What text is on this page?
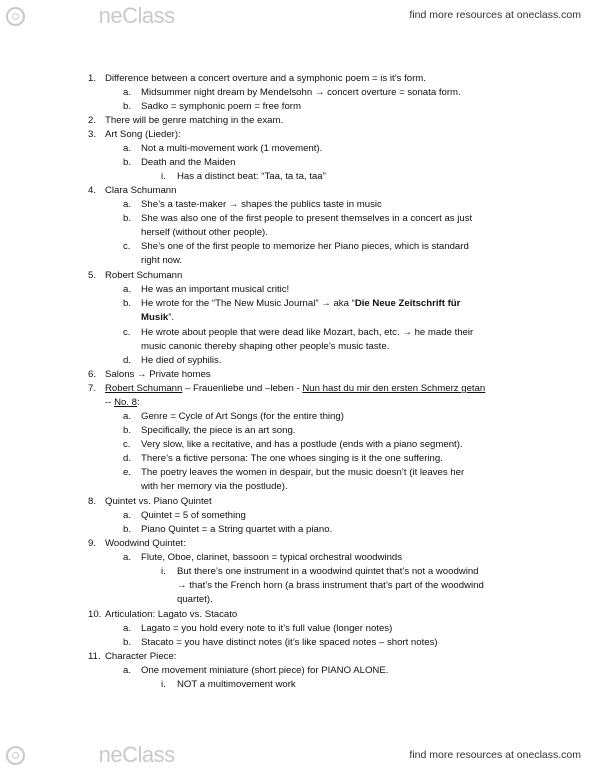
neClass	find more resources at oneclass.com
1. Difference between a concert overture and a symphonic poem = is it’s form.
a. Midsummer night dream by Mendelsohn → concert overture = sonata form.
b. Sadko = symphonic poem = free form
2. There will be genre matching in the exam.
3. Art Song (Lieder):
a. Not a multi-movement work (1 movement).
b. Death and the Maiden
i. Has a distinct beat: “Taa, ta ta, taa”
4. Clara Schumann
a. She’s a taste-maker → shapes the publics taste in music
b. She was also one of the first people to present themselves in a concert as just
herself (without other people).
c. She’s one of the first people to memorize her Piano pieces, which is standard
right now.
5. Robert Schumann
a. He was an important musical critic!
b. He wrote for the “The New Music Journal” → aka “Die Neue Zeitschrift für
Musik”.
c. He wrote about people that were dead like Mozart, bach, etc. → he made their
music canonic thereby shaping other people’s music taste.
d. He died of syphilis.
6. Salons → Private homes
7. Robert Schumann – Frauenliebe und –leben - Nun hast du mir den ersten Schmerz getan
-- No. 8:
a. Genre = Cycle of Art Songs (for the entire thing)
b. Specifically, the piece is an art song.
c. Very slow, like a recitative, and has a postlude (ends with a piano segment).
d. There’s a fictive persona: The one whoes singing is it the one suffering.
e. The poetry leaves the women in despair, but the music doesn’t (it leaves her
with her memory via the postlude).
8. Quintet vs. Piano Quintet
a. Quintet = 5 of something
b. Piano Quintet = a String quartet with a piano.
9. Woodwind Quintet:
a. Flute, Oboe, clarinet, bassoon = typical orchestral woodwinds
i. But there’s one instrument in a woodwind quintet that’s not a woodwind
→ that’s the French horn (a brass instrument that’s part of the woodwind
quartet).
10. Articulation: Lagato vs. Stacato
a. Lagato = you hold every note to it’s full value (longer notes)
b. Stacato = you have distinct notes (it’s like spaced notes – short notes)
11. Character Piece:
a. One movement miniature (short piece) for PIANO ALONE.
i. NOT a multimovement work
neClass	find more resources at oneclass.com
